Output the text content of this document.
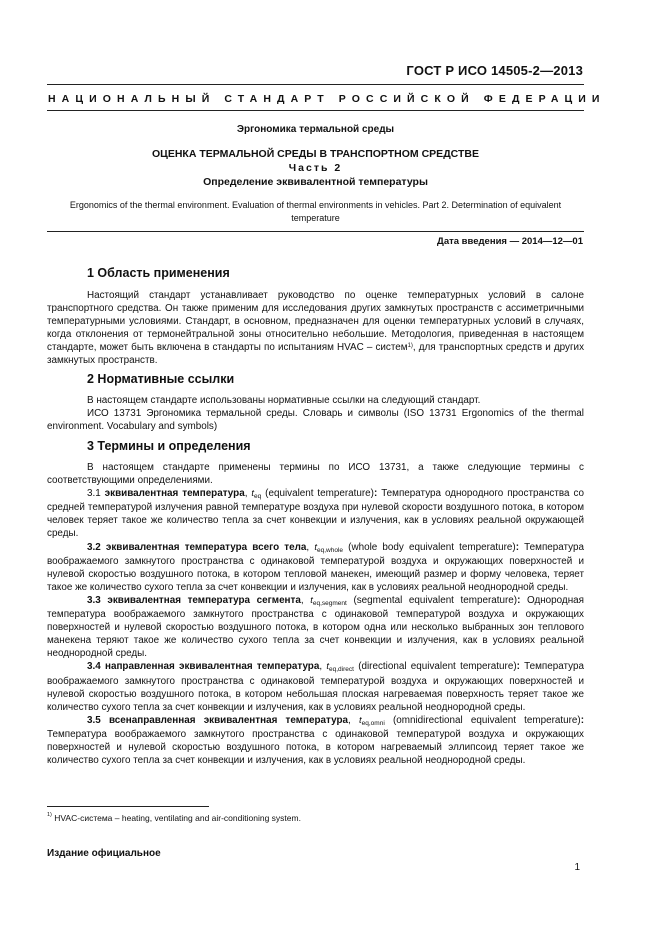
ГОСТ Р ИСО 14505-2—2013
НАЦИОНАЛЬНЫЙ СТАНДАРТ РОССИЙСКОЙ ФЕДЕРАЦИИ
Эргономика термальной среды
ОЦЕНКА ТЕРМАЛЬНОЙ СРЕДЫ В ТРАНСПОРТНОМ СРЕДСТВЕ
Часть 2
Определение эквивалентной температуры
Ergonomics of the thermal environment. Evaluation of thermal environments in vehicles. Part 2. Determination of equivalent temperature
Дата введения — 2014—12—01
1 Область применения

Настоящий стандарт устанавливает руководство по оценке температурных условий в салоне транспортного средства. Он также применим для исследования других замкнутых пространств с ассиметричными температурными условиями. Стандарт, в основном, предназначен для оценки температурных условий в случаях, когда отклонения от термонейтральной зоны относительно небольшие. Методология, приведенная в настоящем стандарте, может быть включена в стандарты по испытаниям HVAC – систем$^{1)}$, для транспортных средств и других замкнутых пространств.

2 Нормативные ссылки

В настоящем стандарте использованы нормативные ссылки на следующий стандарт.

ИСО 13731 Эргономика термальной среды. Словарь и символы (ISO 13731 Ergonomics of the thermal environment. Vocabulary and symbols)

3 Термины и определения

В настоящем стандарте применены термины по ИСО 13731, а также следующие термины с соответствующими определениями.

3.1 эквивалентная температура, $t_{eq}$ (equivalent temperature): Температура однородного пространства со средней температурой излучения равной температуре воздуха при нулевой скорости воздушного потока, в котором человек теряет такое же количество тепла за счет конвекции и излучения, как в условиях реальной окружающей среды.

3.2 эквивалентная температура всего тела, $t_{eq,whole}$ (whole body equivalent temperature): Температура воображаемого замкнутого пространства с одинаковой температурой воздуха и окружающих поверхностей и нулевой скоростью воздушного потока, в котором тепловой манекен, имеющий размер и форму человека, теряет такое же количество сухого тепла за счет конвекции и излучения, как в условиях реальной неоднородной среды.

3.3 эквивалентная температура сегмента, $t_{eq,segment}$ (segmental equivalent temperature): Однородная температура воображаемого замкнутого пространства с одинаковой температурой воздуха и окружающих поверхностей и нулевой скоростью воздушного потока, в котором одна или несколько выбранных зон теплового манекена теряют такое же количество сухого тепла за счет конвекции и излучения, как в условиях реальной неоднородной среды.

3.4 направленная эквивалентная температура, $t_{eq,direct}$ (directional equivalent temperature): Температура воображаемого замкнутого пространства с одинаковой температурой воздуха и окружающих поверхностей и нулевой скоростью воздушного потока, в котором небольшая плоская нагреваемая поверхность теряет такое же количество сухого тепла за счет конвекции и излучения, как в условиях реальной неоднородной среды.

3.5 всенаправленная эквивалентная температура, $t_{eq,omni}$ (omnidirectional equivalent temperature): Температура воображаемого замкнутого пространства с одинаковой температурой воздуха и окружающих поверхностей и нулевой скоростью воздушного потока, в котором нагреваемый эллипсоид теряет такое же количество сухого тепла за счет конвекции и излучения, как в условиях реальной неоднородной среды.

$^{1)}$ HVAC-система – heating, ventilating and air-conditioning system.
Издание официальное
1
